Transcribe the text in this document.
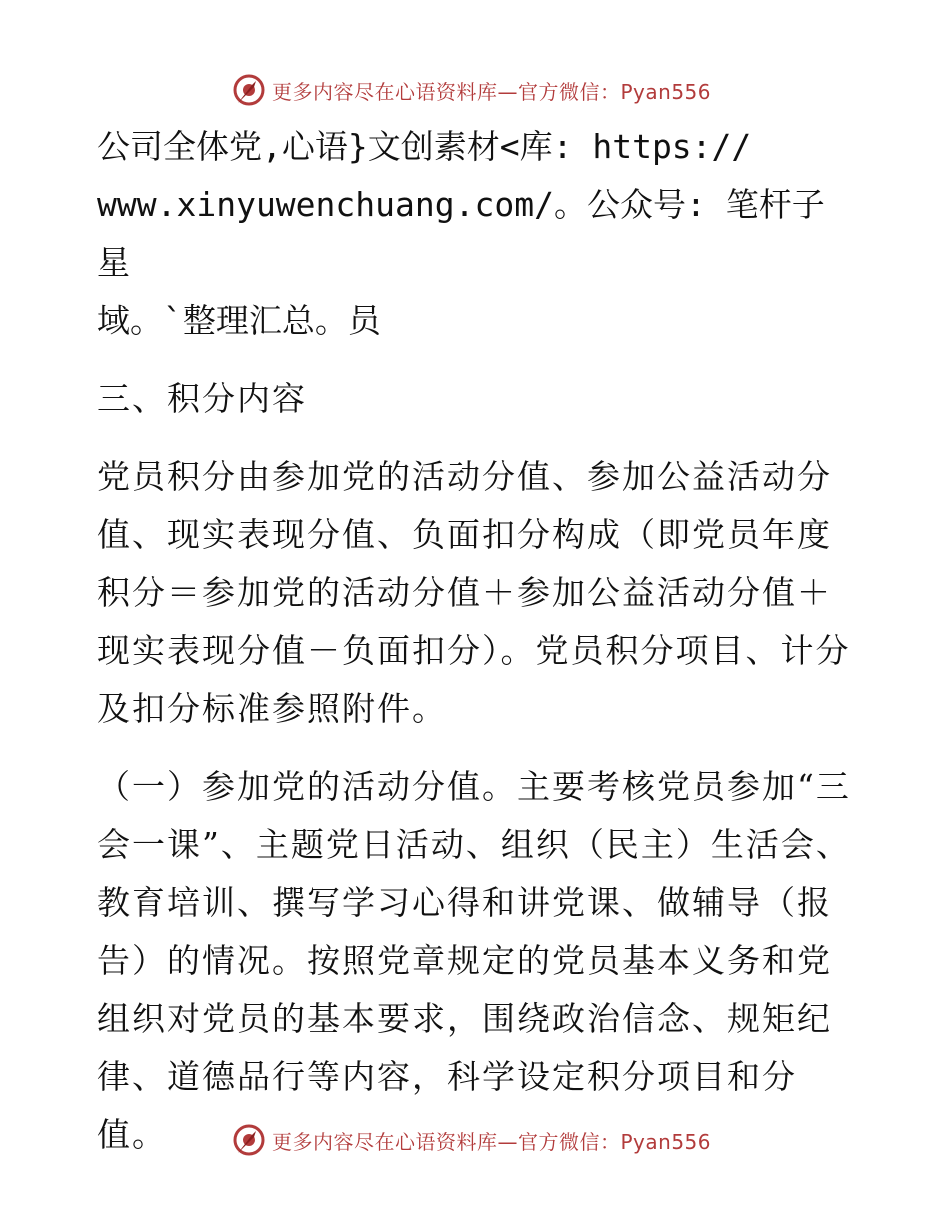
更多内容尽在心语资料库—官方微信：Pyan556

公司全体党,心语}文创素材<库: https://
www.xinyuwenchuang.com/。公众号: 笔杆子星
域。`整理汇总。员

三、积分内容

党员积分由参加党的活动分值、参加公益活动分值、现实表现分值、负面扣分构成（即党员年度积分＝参加党的活动分值＋参加公益活动分值＋现实表现分值－负面扣分）。党员积分项目、计分及扣分标准参照附件。

（一）参加党的活动分值。主要考核党员参加“三会一课”、主题党日活动、组织（民主）生活会、教育培训、撰写学习心得和讲党课、做辅导（报告）的情况。按照党章规定的党员基本义务和党组织对党员的基本要求，围绕政治信念、规矩纪律、道德品行等内容，科学设定积分项目和分值。	更多内容尽在心语资料库—官方微信：Pyan556
